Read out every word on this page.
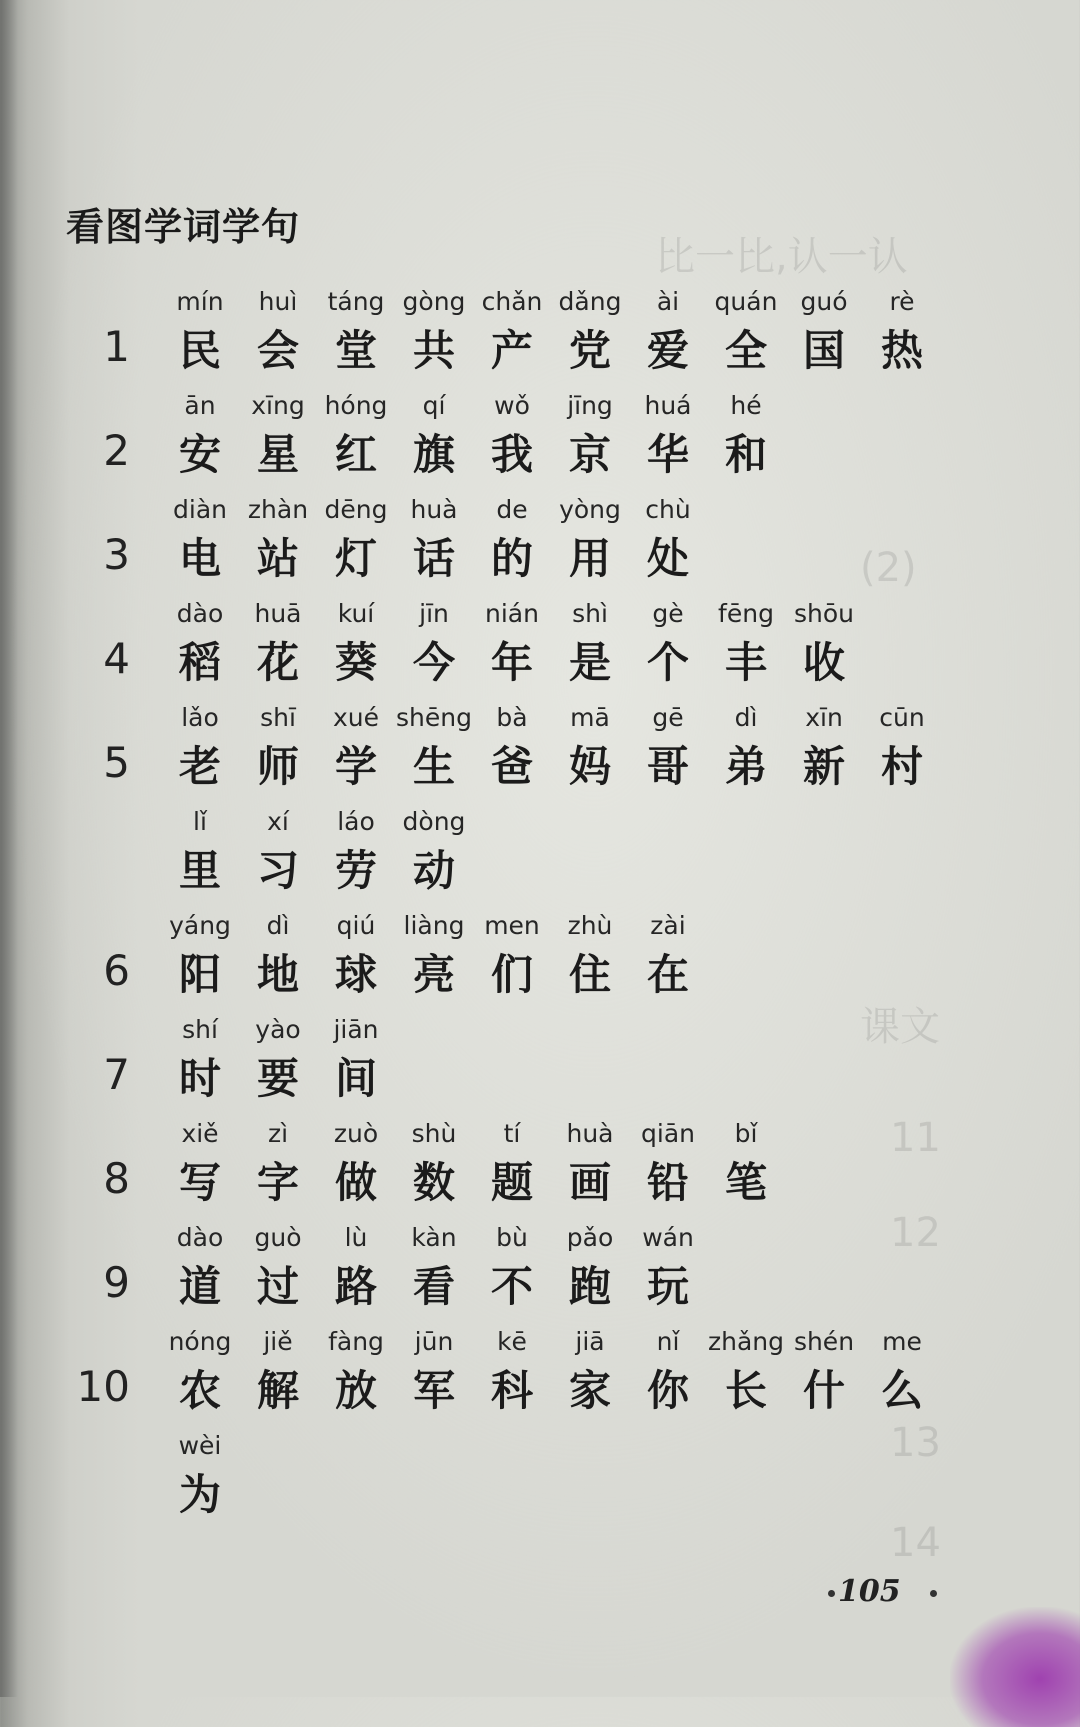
比一比,认一认
(2)
课文
11
12
13
14
看图学词学句
1
mín
民
huì
会
táng
堂
gòng
共
chǎn
产
dǎng
党
ài
爱
quán
全
guó
国
rè
热
2
ān
安
xīng
星
hóng
红
qí
旗
wǒ
我
jīng
京
huá
华
hé
和
3
diàn
电
zhàn
站
dēng
灯
huà
话
de
的
yòng
用
chù
处
4
dào
稻
huā
花
kuí
葵
jīn
今
nián
年
shì
是
gè
个
fēng
丰
shōu
收
5
lǎo
老
shī
师
xué
学
shēng
生
bà
爸
mā
妈
gē
哥
dì
弟
xīn
新
cūn
村
lǐ
里
xí
习
láo
劳
dòng
动
6
yáng
阳
dì
地
qiú
球
liàng
亮
men
们
zhù
住
zài
在
7
shí
时
yào
要
jiān
间
8
xiě
写
zì
字
zuò
做
shù
数
tí
题
huà
画
qiān
铅
bǐ
笔
9
dào
道
guò
过
lù
路
kàn
看
bù
不
pǎo
跑
wán
玩
10
nóng
农
jiě
解
fàng
放
jūn
军
kē
科
jiā
家
nǐ
你
zhǎng
长
shén
什
me
么
wèi
为
105
